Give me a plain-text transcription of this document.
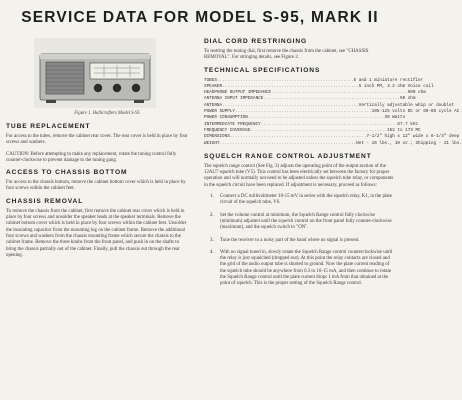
SERVICE DATA FOR MODEL S-95, MARK II
Figure 1. Hallicrafters Model S-95
TUBE REPLACEMENT
For access to the tubes, remove the cabinet rear cover. The rear cover is held in place by four screws and washers.
CAUTION: Before attempting to make any replacement, rotate the tuning control fully counter-clockwise to prevent damage to the tuning gang.
ACCESS TO CHASSIS BOTTOM
For access to the chassis bottom, remove the cabinet bottom cover which is held in place by four screws within the cabinet feet.
CHASSIS REMOVAL
To remove the chassis from the cabinet, first remove the cabinet rear cover which is held in place by four screws and unsolder the speaker leads at the speaker terminals. Remove the cabinet bottom cover which is held in place by four screws within the cabinet feet. Unsolder the insulating capacitor from the mounting lug on the cabinet frame. Remove the additional four screws and washers from the chassis mounting frame which secure the chassis to the cabinet frame. Remove the three knobs from the front panel, and push in on the shafts to bring the chassis partially out of the cabinet. Finally, pull the chassis out through the rear opening.
DIAL CORD RESTRINGING
To restring the tuning dial, first remove the chassis from the cabinet, see "CHASSIS REMOVAL". For stringing details, see Figure 2.
TECHNICAL SPECIFICATIONS
TUBES ..................................................... 5 and 1 miniature rectifier
SPEAKER ..................................................... 5 inch PM, 3.2 ohm Voice coil
HEADPHONE OUTPUT IMPEDANCE ..................................................... 500 ohm
ANTENNA INPUT IMPEDANCE ..................................................... 50 ohm
ANTENNA ..................................................... Vertically adjustable whip or doublet
POWER SUPPLY ..................................................... 105-125 volts DC or 60-60 cycle AC
POWER CONSUMPTION ..................................................... 30 Watts
INTERMEDIATE FREQUENCY ..................................................... 57.7 kHz
FREQUENCY COVERAGE ..................................................... 152 to 173 MC
DIMENSIONS ..................................................... 7-1/2" high x 12" wide x 6-1/4" deep
WEIGHT ..................................................... Net - 16 lbs., 10 oz.; Shipping - 21 lbs.
SQUELCH RANGE CONTROL ADJUSTMENT
The squelch range control (See Fig. 3) adjusts the operating point of the output section of the 12AU7 squelch tube (V5). This control has been electrically set between the factory for proper operation and will normally not need to be adjusted unless the squelch tube relay, or components in the squelch circuit have been replaced. If adjustment is necessary, proceed as follows:
1.	Connect a DC millivoltmeter 10-15 mV in series with the squelch relay, K1, in the plate circuit of the squelch tube, V6.
2.	Set the volume control at minimum, the Squelch Range control fully clockwise (minimum) adjusted until the squelch control on the front panel fully counter-clockwise (maximum), and the squelch switch to "ON".
3.	Tune the receiver to a noisy part of the band where no signal is present.
4.	With no signal tuned in, slowly rotate the Squelch Range control counterclockwise until the relay is just squelched (dropped out). At this point the relay contacts are closed and the grid of the audio output tube is shorted to ground. Now the plate current reading of the squelch tube should be anywhere from 0.3 to 10-15 mA, and then continue to rotate the Squelch Range control until the plate current drops 1 mA from that obtained at the point of squelch. This is the proper setting of the Squelch Range control.
